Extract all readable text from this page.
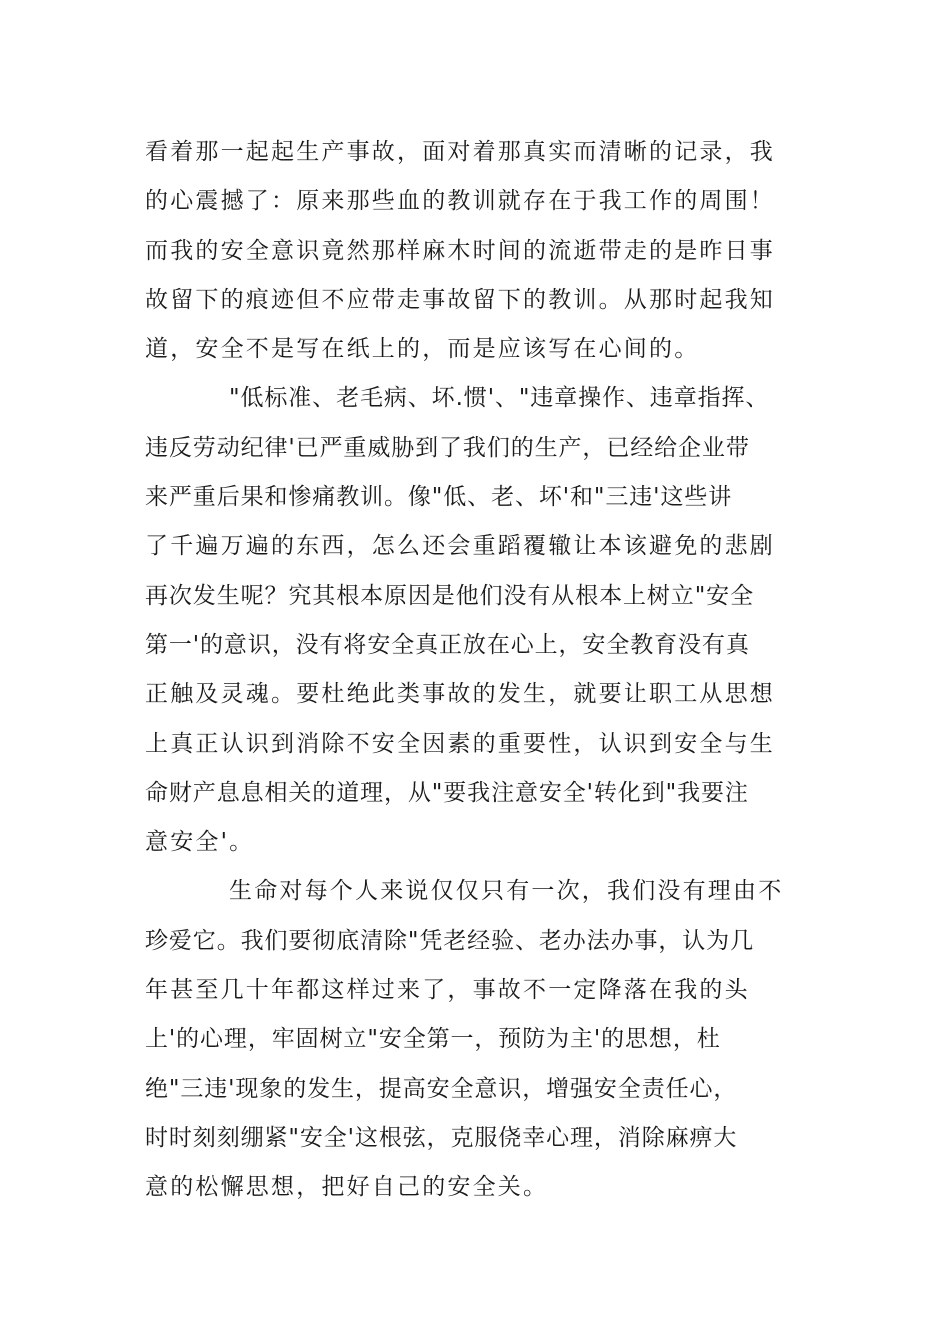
看着那一起起生产事故，面对着那真实而清晰的记录，我
的心震撼了：原来那些血的教训就存在于我工作的周围！
而我的安全意识竟然那样麻木时间的流逝带走的是昨日事
故留下的痕迹但不应带走事故留下的教训。从那时起我知
道，安全不是写在纸上的，而是应该写在心间的。
"低标准、老毛病、坏.惯'、"违章操作、违章指挥、
违反劳动纪律'已严重威胁到了我们的生产，已经给企业带
来严重后果和惨痛教训。像"低、老、坏'和"三违'这些讲
了千遍万遍的东西，怎么还会重蹈覆辙让本该避免的悲剧
再次发生呢？究其根本原因是他们没有从根本上树立"安全
第一'的意识，没有将安全真正放在心上，安全教育没有真
正触及灵魂。要杜绝此类事故的发生，就要让职工从思想
上真正认识到消除不安全因素的重要性，认识到安全与生
命财产息息相关的道理，从"要我注意安全'转化到"我要注
意安全'。
生命对每个人来说仅仅只有一次，我们没有理由不
珍爱它。我们要彻底清除"凭老经验、老办法办事，认为几
年甚至几十年都这样过来了，事故不一定降落在我的头
上'的心理，牢固树立"安全第一，预防为主'的思想，杜
绝"三违'现象的发生，提高安全意识，增强安全责任心，
时时刻刻绷紧"安全'这根弦，克服侥幸心理，消除麻痹大
意的松懈思想，把好自己的安全关。
